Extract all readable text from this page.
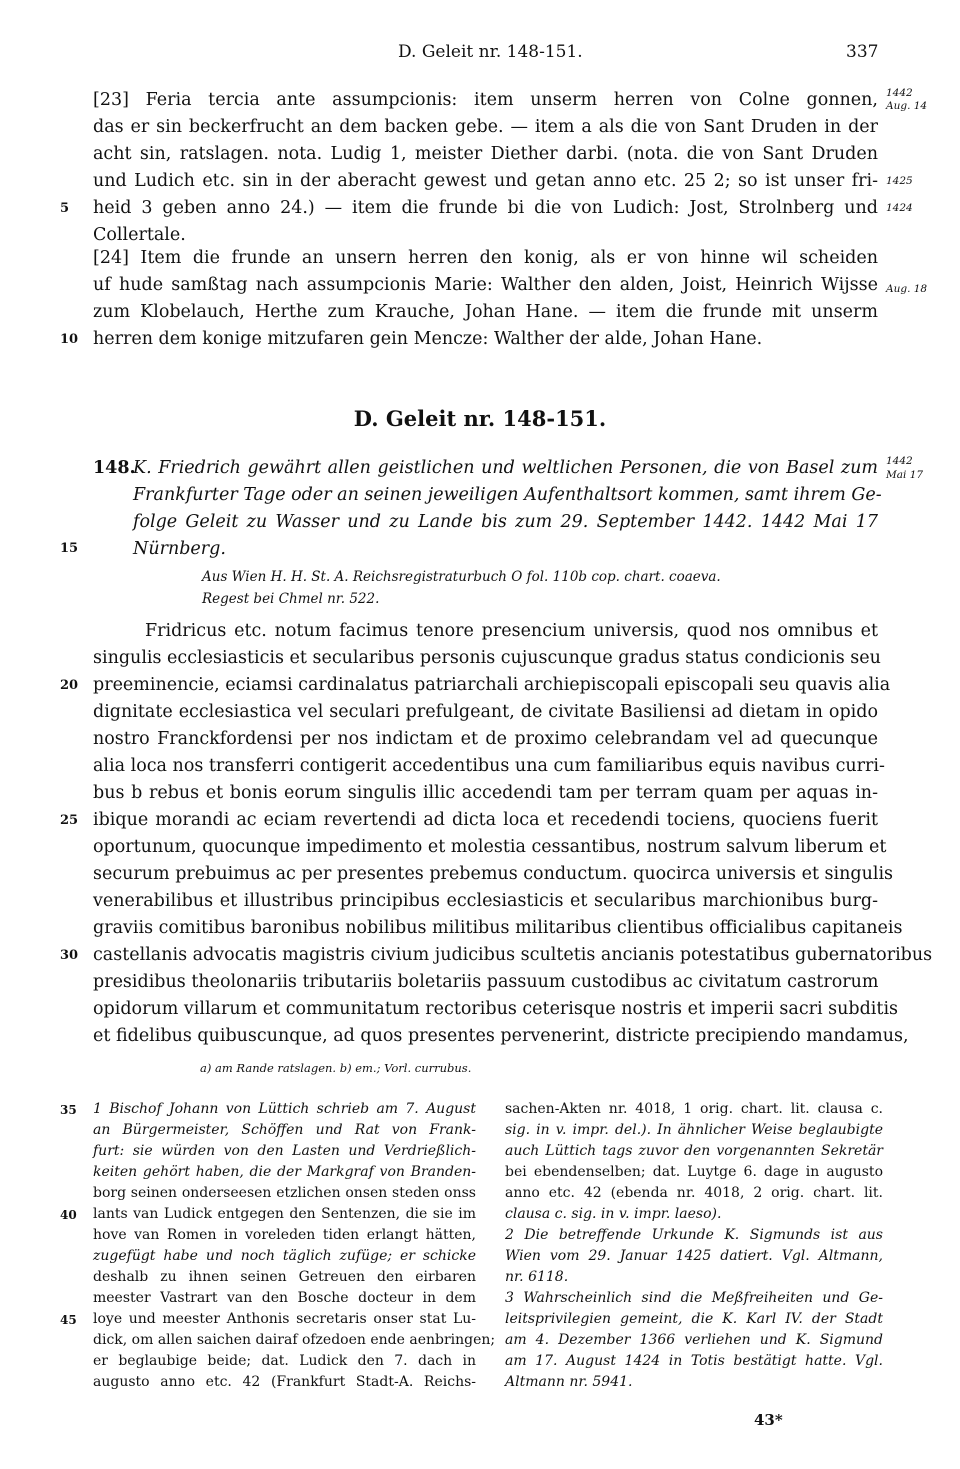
D. Geleit nr. 148-151.	337
[23] Feria tercia ante assumpcionis: item unserm herren von Colne gonnen,
das er sin beckerfrucht an dem backen gebe. — item a als die von Sant Druden in der
acht sin, ratslagen. nota. Ludig 1, meister Diether darbi. (nota. die von Sant Druden
und Ludich etc. sin in der aberacht gewest und getan anno etc. 25 2; so ist unser fri-
heid 3 geben anno 24.) — item die frunde bi die von Ludich: Jost, Strolnberg und
Collertale.
1442
Aug. 14
1425
1424
[24] Item die frunde an unsern herren den konig, als er von hinne wil scheiden
uf hude samßtag nach assumpcionis Marie: Walther den alden, Joist, Heinrich Wijsse
zum Klobelauch, Herthe zum Krauche, Johan Hane. — item die frunde mit unserm
herren dem konige mitzufaren gein Mencze: Walther der alde, Johan Hane.
Aug. 18
D. Geleit nr. 148-151.
148.
K. Friedrich gewährt allen geistlichen und weltlichen Personen, die von Basel zum
Frankfurter Tage oder an seinen jeweiligen Aufenthaltsort kommen, samt ihrem Ge-
folge Geleit zu Wasser und zu Lande bis zum 29. September 1442. 1442 Mai 17
Nürnberg.
1442
Mai 17
Aus Wien H. H. St. A. Reichsregistraturbuch O fol. 110b cop. chart. coaeva.
Regest bei Chmel nr. 522.
Fridricus etc. notum facimus tenore presencium universis, quod nos omnibus et
singulis ecclesiasticis et secularibus personis cujuscunque gradus status condicionis seu
preeminencie, eciamsi cardinalatus patriarchali archiepiscopali episcopali seu quavis alia
dignitate ecclesiastica vel seculari prefulgeant, de civitate Basiliensi ad dietam in opido
nostro Franckfordensi per nos indictam et de proximo celebrandam vel ad quecunque
alia loca nos transferri contigerit accedentibus una cum familiaribus equis navibus curri-
bus b rebus et bonis eorum singulis illic accedendi tam per terram quam per aquas in-
ibique morandi ac eciam revertendi ad dicta loca et recedendi tociens, quociens fuerit
oportunum, quocunque impedimento et molestia cessantibus, nostrum salvum liberum et
securum prebuimus ac per presentes prebemus conductum. quocirca universis et singulis
venerabilibus et illustribus principibus ecclesiasticis et secularibus marchionibus burg-
graviis comitibus baronibus nobilibus militibus militaribus clientibus officialibus capitaneis
castellanis advocatis magistris civium judicibus scultetis ancianis potestatibus gubernatoribus
presidibus theolonariis tributariis boletariis passuum custodibus ac civitatum castrorum
opidorum villarum et communitatum rectoribus ceterisque nostris et imperii sacri subditis
et fidelibus quibuscunque, ad quos presentes pervenerint, districte precipiendo mandamus,
5
10
15
20
25
30
a) am Rande ratslagen. b) em.; Vorl. currubus.
1 Bischof Johann von Lüttich schrieb am 7. August
an Bürgermeister, Schöffen und Rat von Frank-
furt: sie würden von den Lasten und Verdrießlich-
keiten gehört haben, die der Markgraf von Branden-
borg seinen onderseesen etzlichen onsen steden onss
lants van Ludick entgegen den Sentenzen, die sie im
hove van Romen in voreleden tiden erlangt hätten,
zugefügt habe und noch täglich zufüge; er schicke
deshalb zu ihnen seinen Getreuen den eirbaren
meester Vastrart van den Bosche docteur in dem
loye und meester Anthonis secretaris onser stat Lu-
dick, om allen saichen dairaf ofzedoen ende aenbringen;
er beglaubige beide; dat. Ludick den 7. dach in
augusto anno etc. 42 (Frankfurt Stadt-A. Reichs-
sachen-Akten nr. 4018, 1 orig. chart. lit. clausa c.
sig. in v. impr. del.). In ähnlicher Weise beglaubigte
auch Lüttich tags zuvor den vorgenannten Sekretär
bei ebendenselben; dat. Luytge 6. dage in augusto
anno etc. 42 (ebenda nr. 4018, 2 orig. chart. lit.
clausa c. sig. in v. impr. laeso).
2 Die betreffende Urkunde K. Sigmunds ist aus
Wien vom 29. Januar 1425 datiert. Vgl. Altmann,
nr. 6118.
3 Wahrscheinlich sind die Meßfreiheiten und Ge-
leitsprivilegien gemeint, die K. Karl IV. der Stadt
am 4. Dezember 1366 verliehen und K. Sigmund
am 17. August 1424 in Totis bestätigt hatte. Vgl.
Altmann nr. 5941.
35
40
45
43*
